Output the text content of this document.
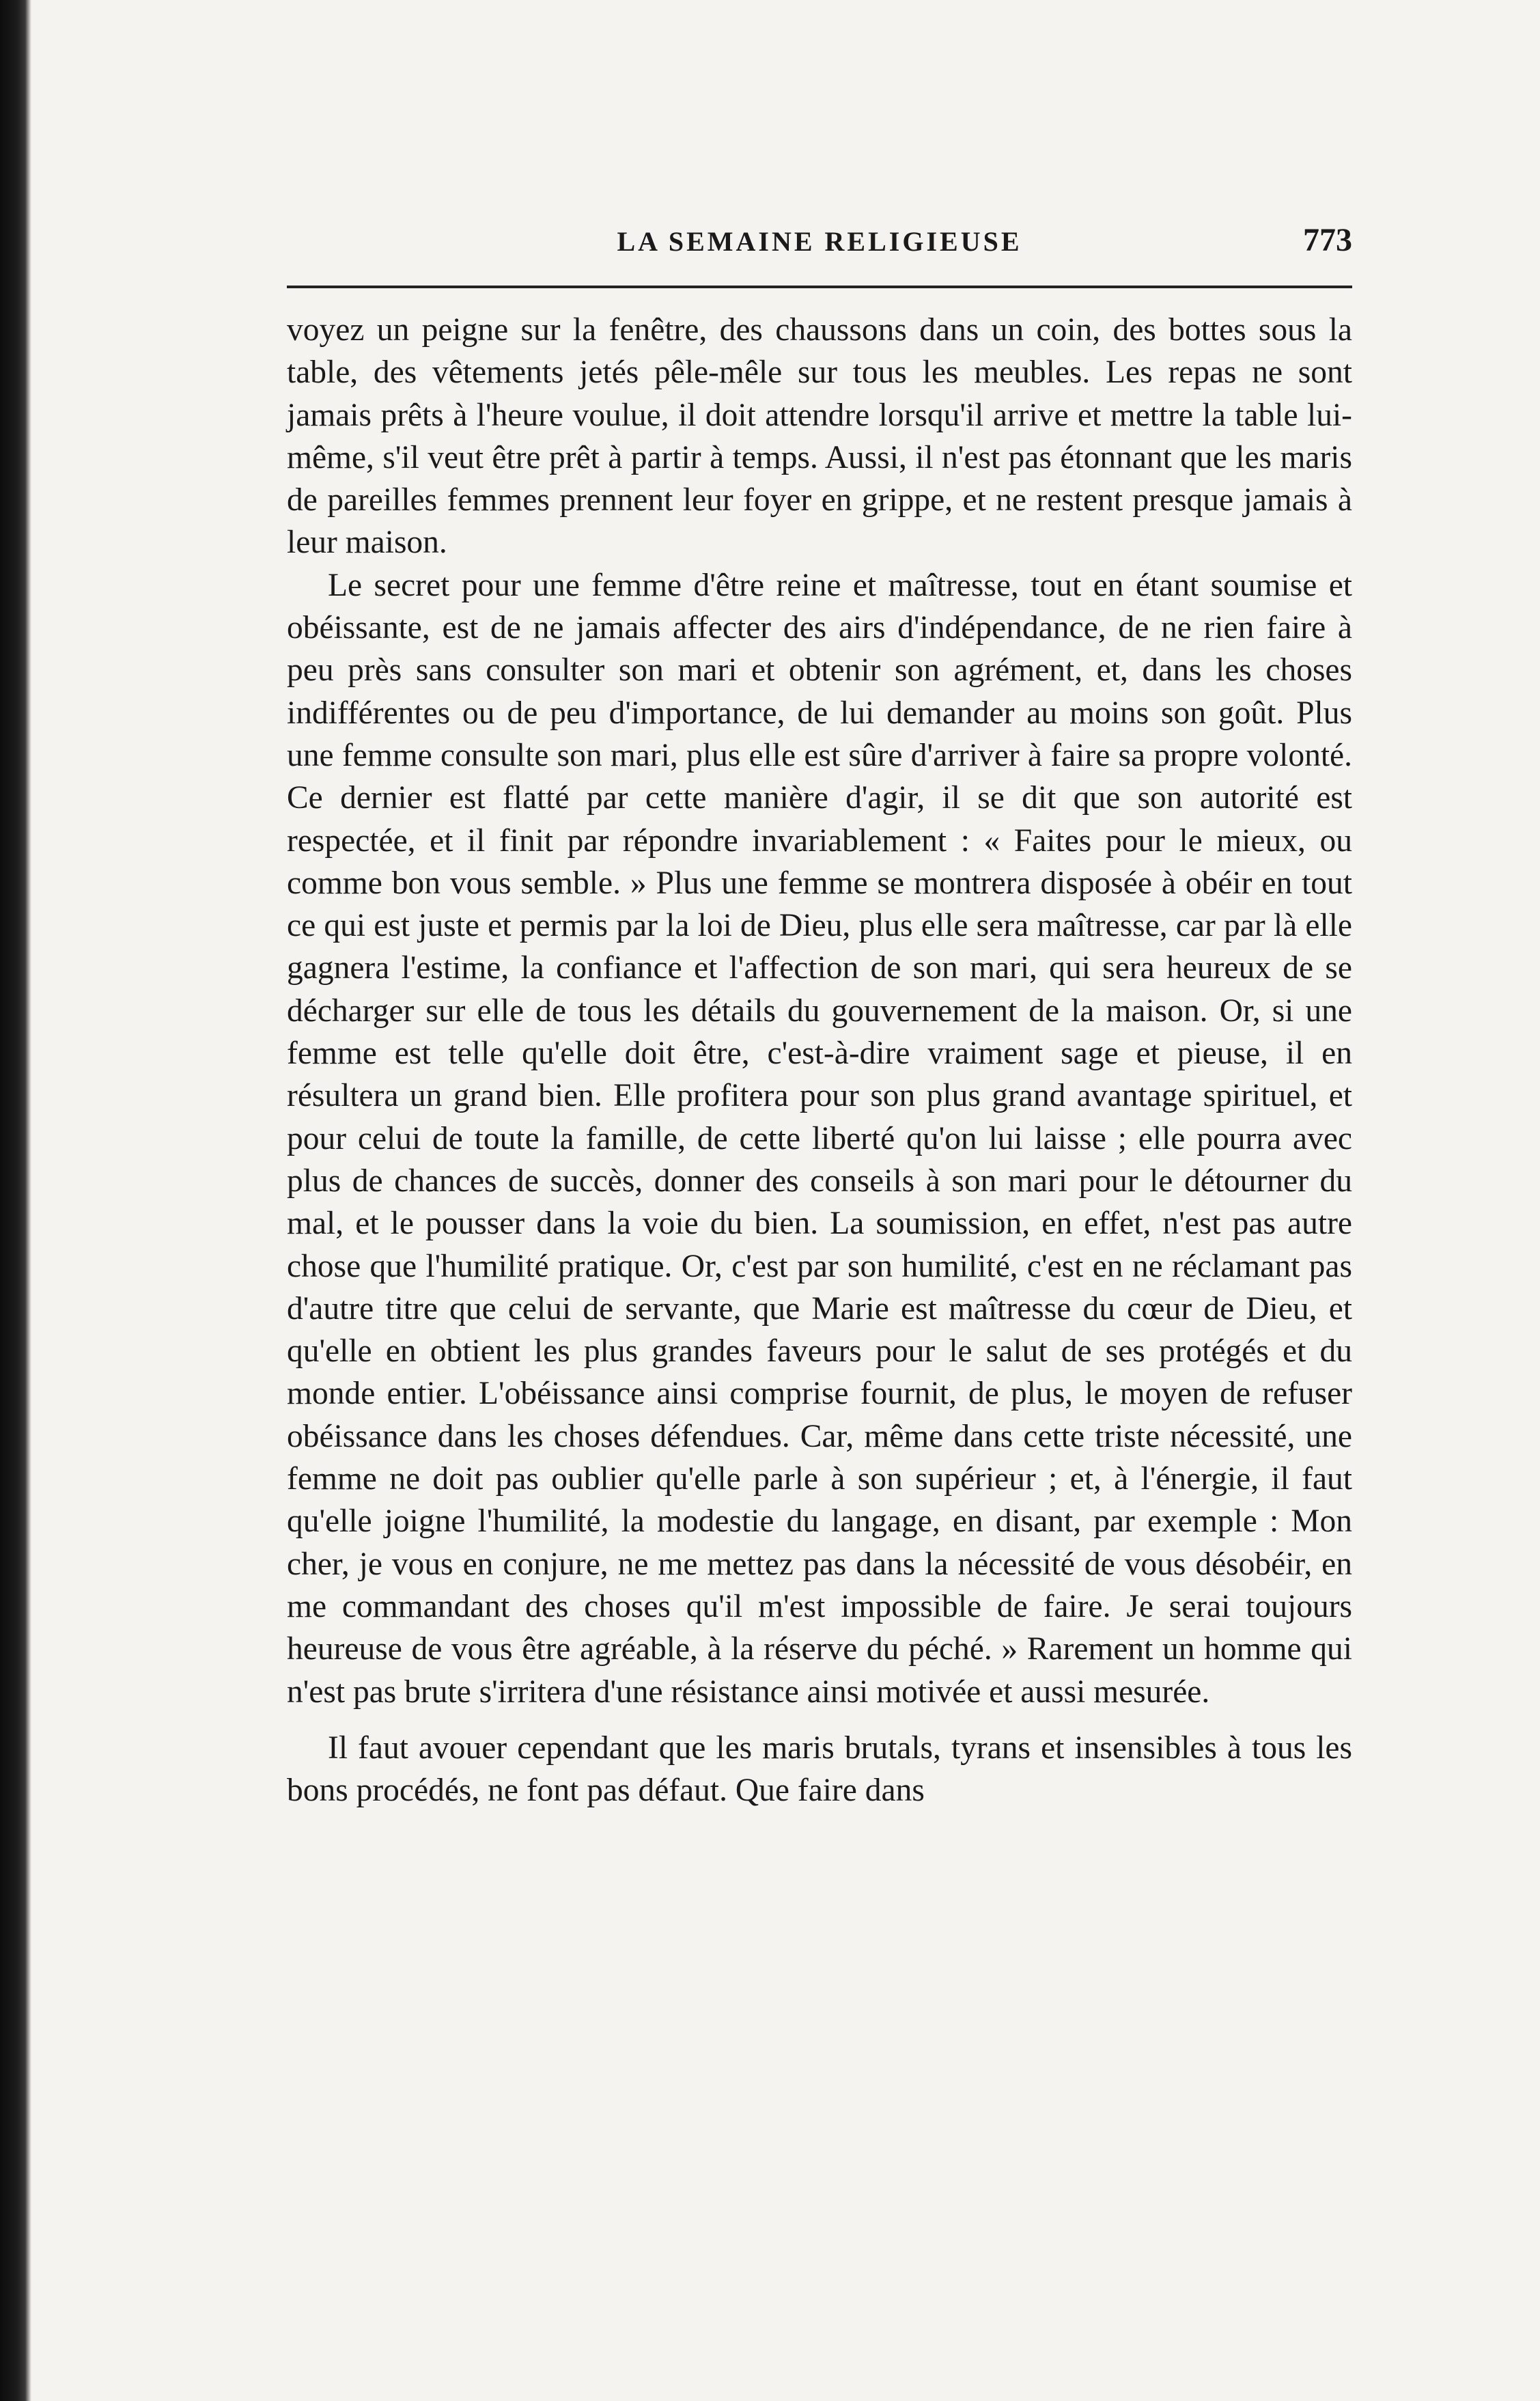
LA SEMAINE RELIGIEUSE	773

voyez un peigne sur la fenêtre, des chaussons dans un coin, des bottes sous la table, des vêtements jetés pêle-mêle sur tous les meubles. Les repas ne sont jamais prêts à l'heure voulue, il doit attendre lorsqu'il arrive et mettre la table lui-même, s'il veut être prêt à partir à temps. Aussi, il n'est pas étonnant que les maris de pareilles femmes prennent leur foyer en grippe, et ne restent presque jamais à leur maison.

Le secret pour une femme d'être reine et maîtresse, tout en étant soumise et obéissante, est de ne jamais affecter des airs d'indépendance, de ne rien faire à peu près sans consulter son mari et obtenir son agrément, et, dans les choses indifférentes ou de peu d'importance, de lui demander au moins son goût. Plus une femme consulte son mari, plus elle est sûre d'arriver à faire sa propre volonté. Ce dernier est flatté par cette manière d'agir, il se dit que son autorité est respectée, et il finit par répondre invariablement : « Faites pour le mieux, ou comme bon vous semble. » Plus une femme se montrera disposée à obéir en tout ce qui est juste et permis par la loi de Dieu, plus elle sera maîtresse, car par là elle gagnera l'estime, la confiance et l'affection de son mari, qui sera heureux de se décharger sur elle de tous les détails du gouvernement de la maison. Or, si une femme est telle qu'elle doit être, c'est-à-dire vraiment sage et pieuse, il en résultera un grand bien. Elle profitera pour son plus grand avantage spirituel, et pour celui de toute la famille, de cette liberté qu'on lui laisse ; elle pourra avec plus de chances de succès, donner des conseils à son mari pour le détourner du mal, et le pousser dans la voie du bien. La soumission, en effet, n'est pas autre chose que l'humilité pratique. Or, c'est par son humilité, c'est en ne réclamant pas d'autre titre que celui de servante, que Marie est maîtresse du cœur de Dieu, et qu'elle en obtient les plus grandes faveurs pour le salut de ses protégés et du monde entier. L'obéissance ainsi comprise fournit, de plus, le moyen de refuser obéissance dans les choses défendues. Car, même dans cette triste nécessité, une femme ne doit pas oublier qu'elle parle à son supérieur ; et, à l'énergie, il faut qu'elle joigne l'humilité, la modestie du langage, en disant, par exemple : Mon cher, je vous en conjure, ne me mettez pas dans la nécessité de vous désobéir, en me commandant des choses qu'il m'est impossible de faire. Je serai toujours heureuse de vous être agréable, à la réserve du péché. » Rarement un homme qui n'est pas brute s'irritera d'une résistance ainsi motivée et aussi mesurée.

Il faut avouer cependant que les maris brutals, tyrans et insensibles à tous les bons procédés, ne font pas défaut. Que faire dans
